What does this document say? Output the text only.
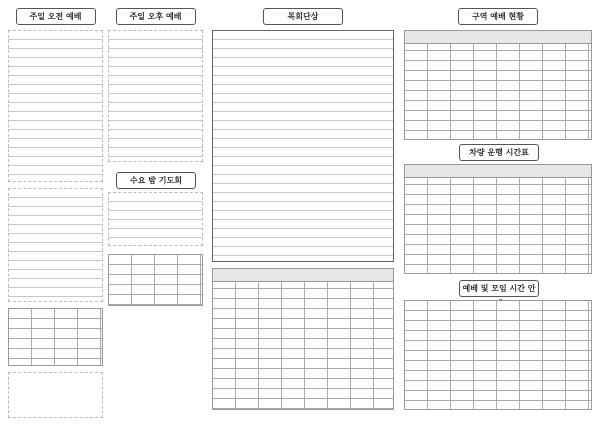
주일 오전 예배	주일 오후 예배
수요 밤 기도회
목회단상	구역 예배 현황
차량 운행 시간표
예배 및 모임 시간 안
